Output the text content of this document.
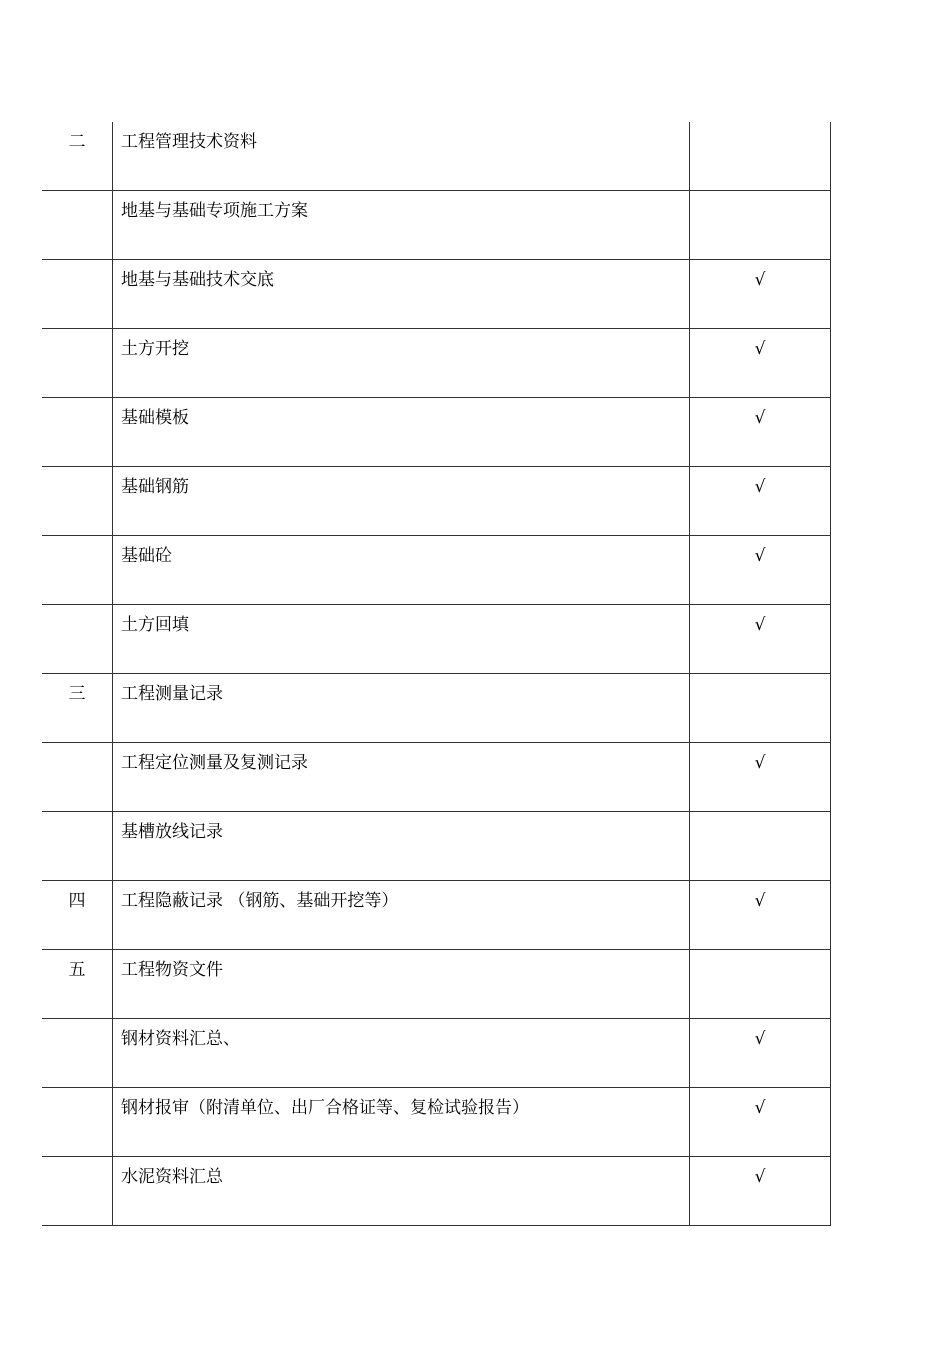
二	工程管理技术资料	

	地基与基础专项施工方案	

	地基与基础技术交底	√

	土方开挖	√

	基础模板	√

	基础钢筋	√

	基础砼	√

	土方回填	√

三	工程测量记录	

	工程定位测量及复测记录	√

	基槽放线记录	

四	工程隐蔽记录 （钢筋、基础开挖等）	√

五	工程物资文件	

	钢材资料汇总、	√

	钢材报审（附清单位、出厂合格证等、复检试验报告）	√

	水泥资料汇总	√
